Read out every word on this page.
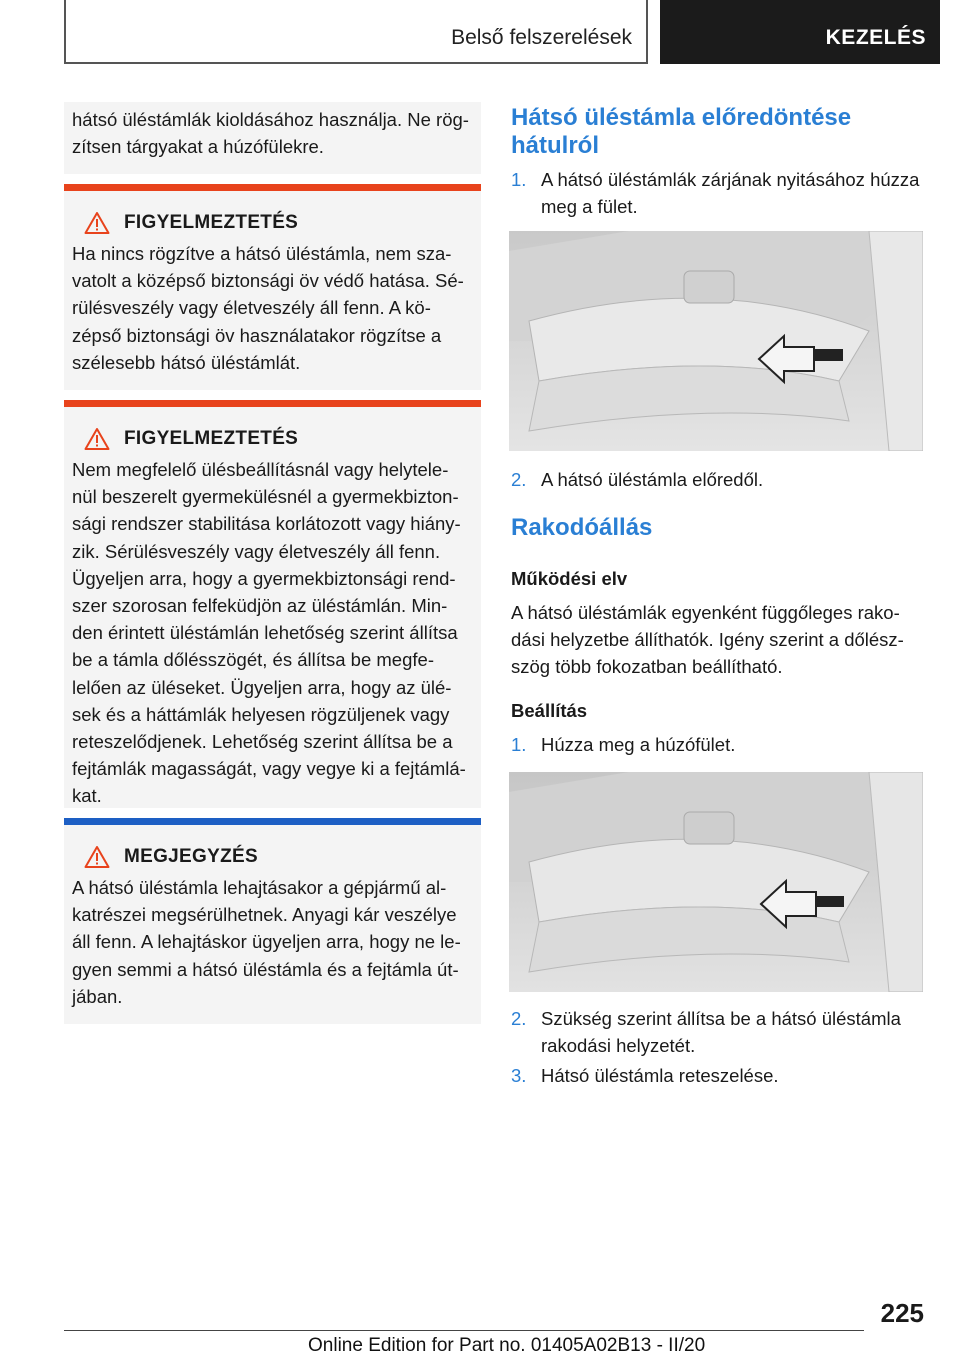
Belső felszerelések	KEZELÉS

hátsó üléstámlák kioldásához használja. Ne rög-zítsen tárgyakat a húzófülekre.

FIGYELMEZTETÉS

Ha nincs rögzítve a hátsó üléstámla, nem sza-vatolt a középső biztonsági öv védő hatása. Sé-rülésveszély vagy életveszély áll fenn. A kö-zépső biztonsági öv használatakor rögzítse a szélesebb hátsó üléstámlát.

FIGYELMEZTETÉS

Nem megfelelő ülésbeállításnál vagy helytele-nül beszerelt gyermekülésnél a gyermekbizton-sági rendszer stabilitása korlátozott vagy hiány-zik. Sérülésveszély vagy életveszély áll fenn. Ügyeljen arra, hogy a gyermekbiztonsági rend-szer szorosan felfeküdjön az üléstámlán. Min-den érintett üléstámlán lehetőség szerint állítsa be a támla dőlésszögét, és állítsa be megfe-lelően az üléseket. Ügyeljen arra, hogy az ülé-sek és a háttámlák helyesen rögzüljenek vagy reteszelődjenek. Lehetőség szerint állítsa be a fejtámlák magasságát, vagy vegye ki a fejtámlá-kat.

MEGJEGYZÉS

A hátsó üléstámla lehajtásakor a gépjármű al-katrészei megsérülhetnek. Anyagi kár veszélye áll fenn. A lehajtáskor ügyeljen arra, hogy ne le-gyen semmi a hátsó üléstámla és a fejtámla út-jában.

Hátsó üléstámla előredöntése hátulról
1. A hátsó üléstámlák zárjának nyitásához húzza meg a fület.
2. A hátsó üléstámla előredől.
Rakodóállás
Működési elv

A hátsó üléstámlák egyenként függőleges rako-dási helyzetbe állíthatók. Igény szerint a dőlész-szög több fokozatban beállítható.

Beállítás
1. Húzza meg a húzófület.
2. Szükség szerint állítsa be a hátsó üléstámla rakodási helyzetét.
3. Hátsó üléstámla reteszelése.
225
Online Edition for Part no. 01405A02B13 - II/20
